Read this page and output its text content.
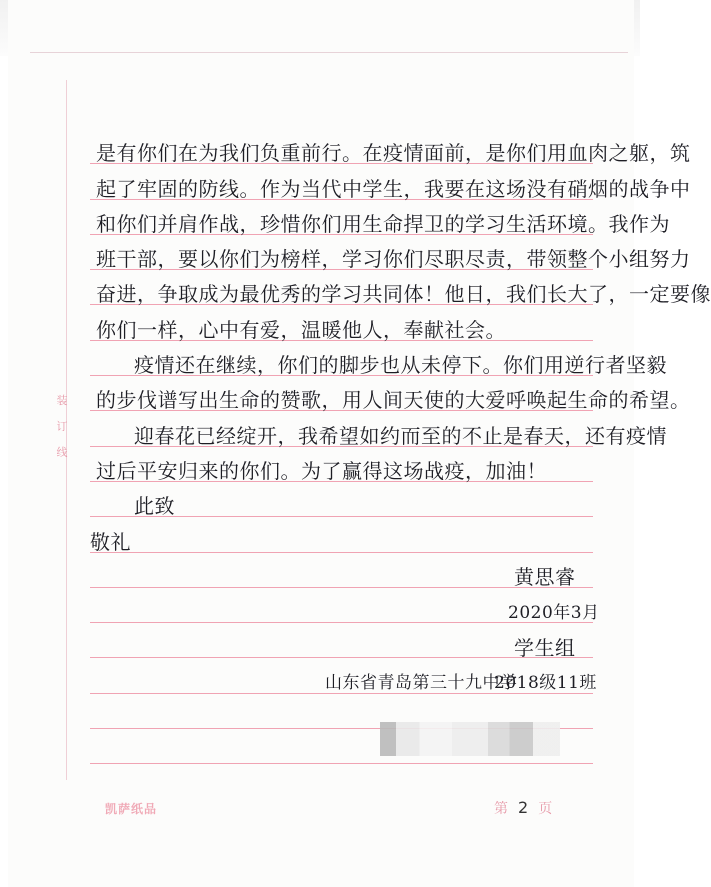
装
订
线

是有你们在为我们负重前行。在疫情面前，是你们用血肉之躯，筑

起了牢固的防线。作为当代中学生，我要在这场没有硝烟的战争中

和你们并肩作战，珍惜你们用生命捍卫的学习生活环境。我作为

班干部，要以你们为榜样，学习你们尽职尽责，带领整个小组努力

奋进，争取成为最优秀的学习共同体！他日，我们长大了，一定要像

你们一样，心中有爱，温暖他人，奉献社会。

疫情还在继续，你们的脚步也从未停下。你们用逆行者坚毅

的步伐谱写出生命的赞歌，用人间天使的大爱呼唤起生命的希望。

迎春花已经绽开，我希望如约而至的不止是春天，还有疫情

过后平安归来的你们。为了赢得这场战疫，加油！

此致

敬礼

黄思睿

2020年3月

学生组

山东省青岛第三十九中学

2018级11班

凯萨纸品	第 2 页
